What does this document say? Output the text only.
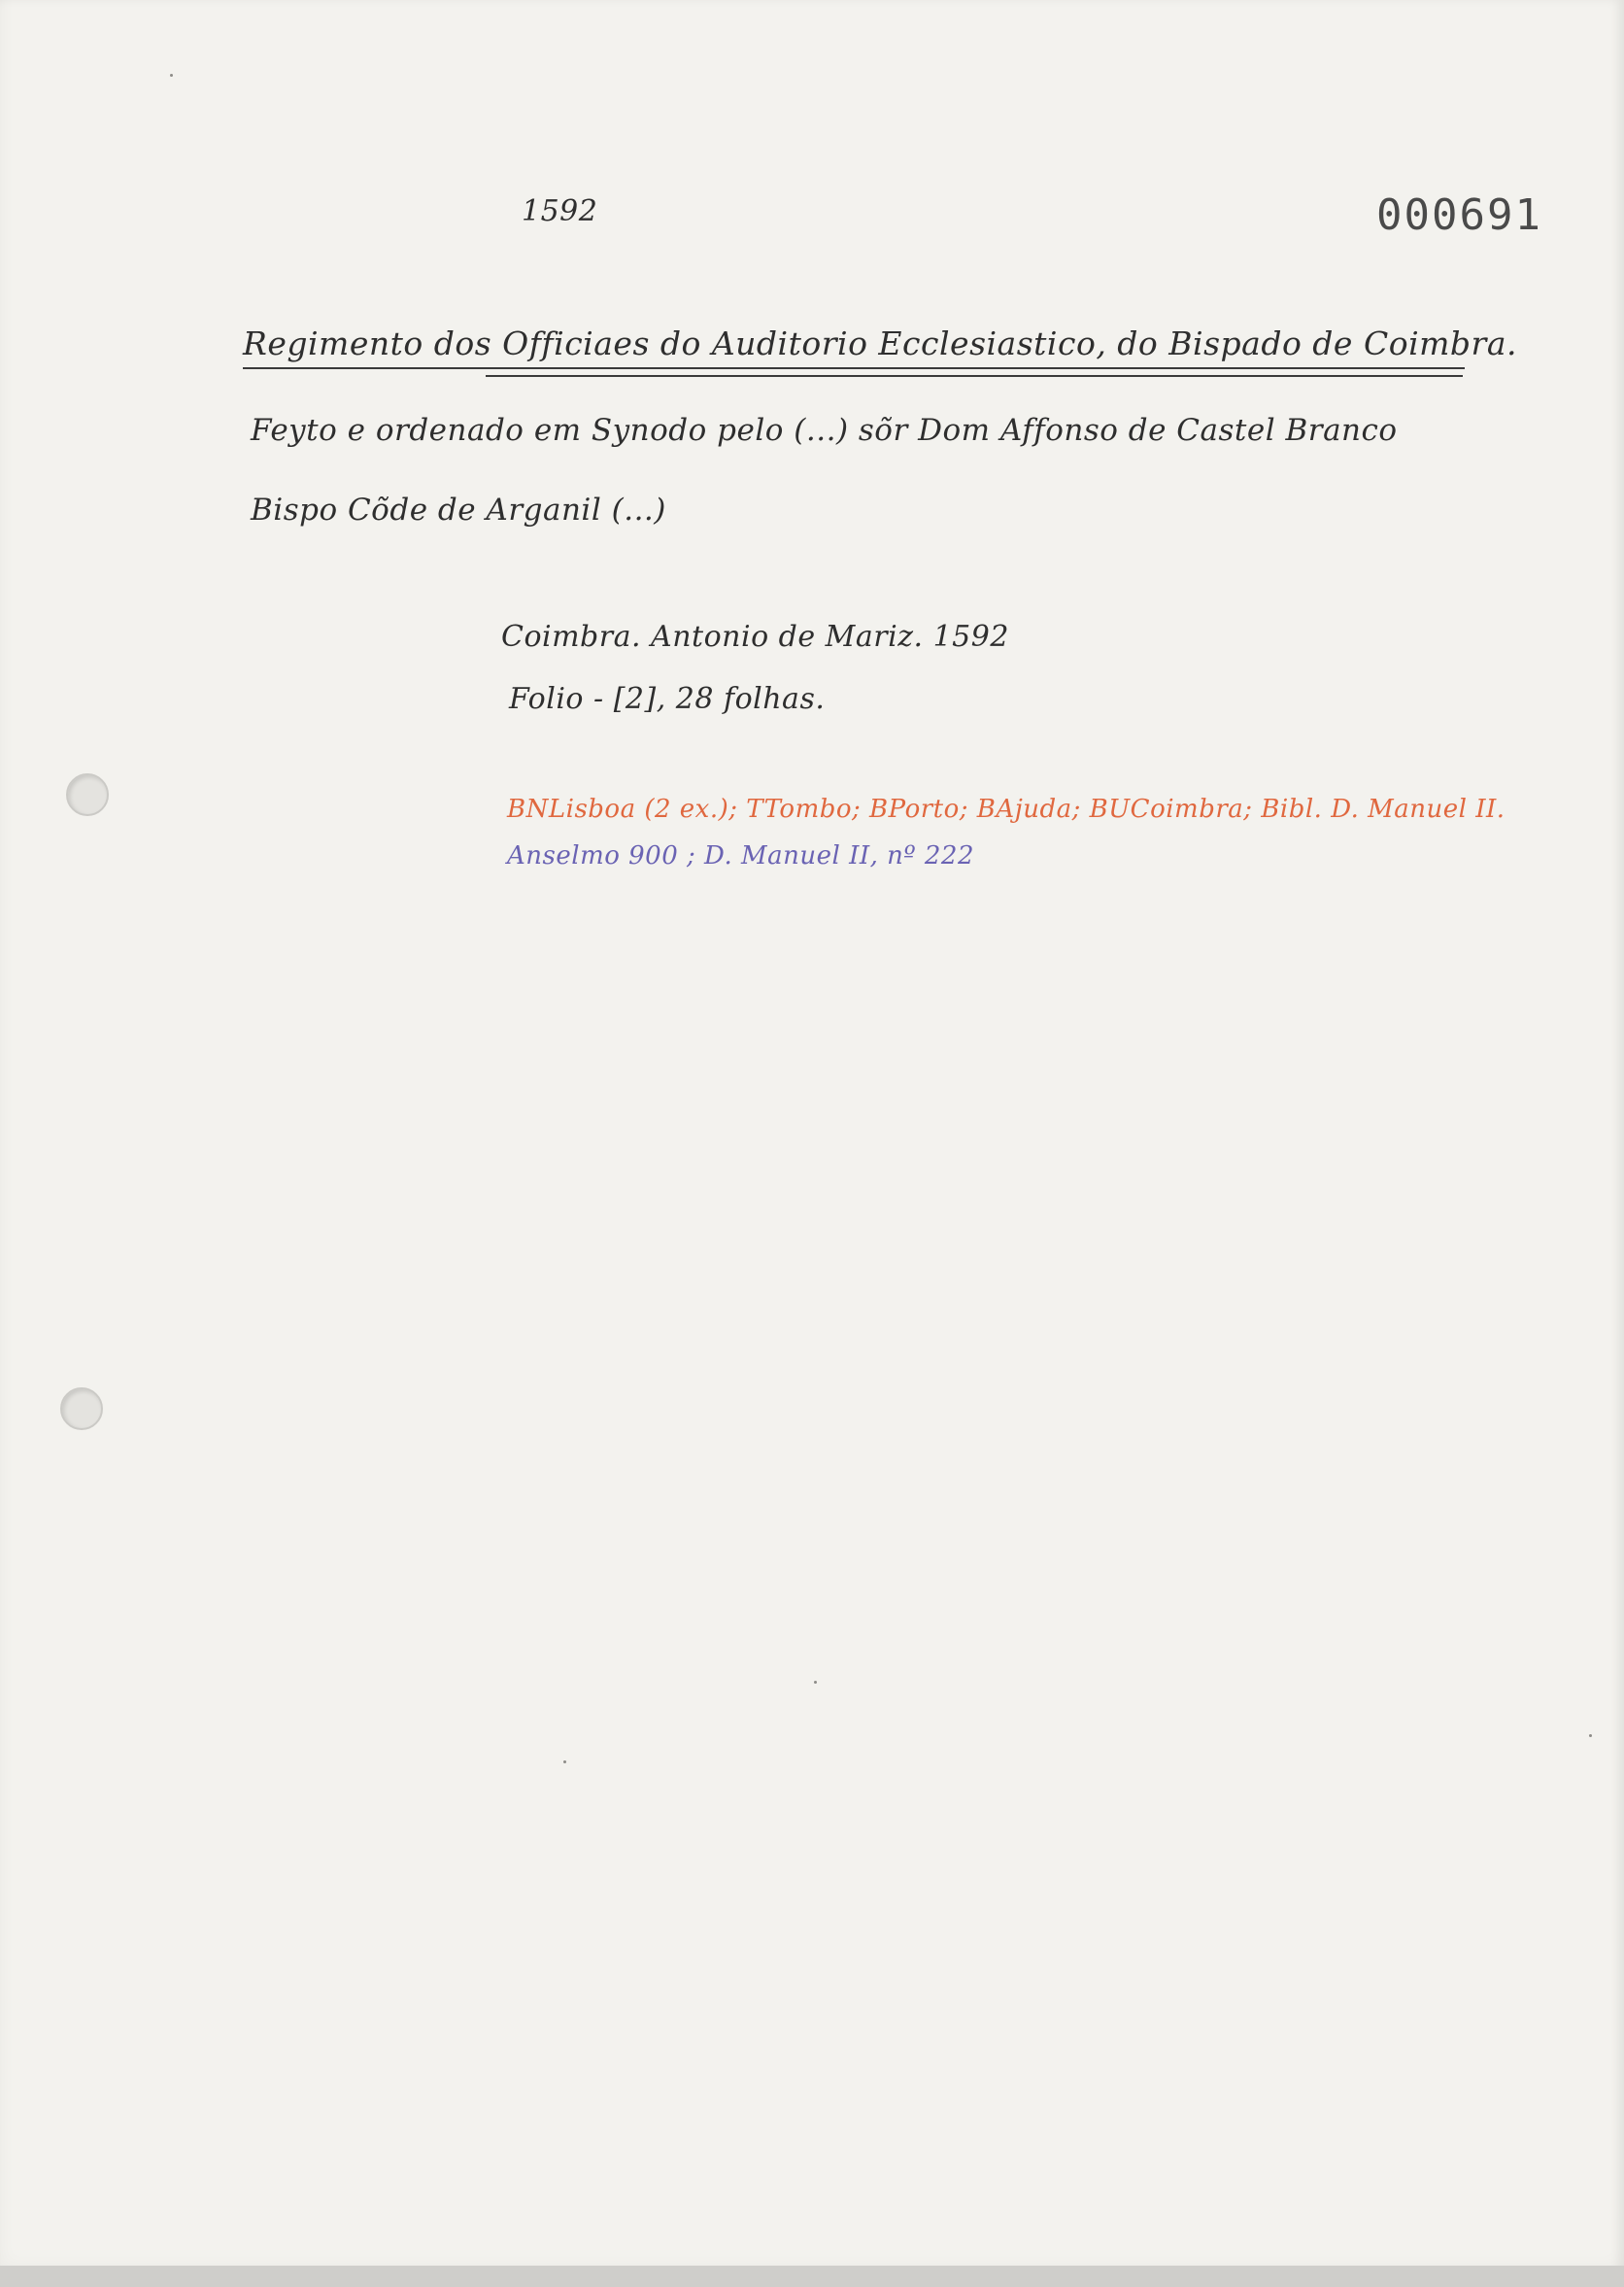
1592	000691
Regimento dos Officiaes do Auditorio Ecclesiastico, do Bispado de Coimbra.
Feyto e ordenado em Synodo pelo (...) sõr Dom Affonso de Castel Branco
Bispo Cõde de Arganil (...)
Coimbra. Antonio de Mariz. 1592
Folio - [2], 28 folhas.
BNLisboa (2 ex.); TTombo; BPorto; BAjuda; BUCoimbra; Bibl. D. Manuel II.
Anselmo 900 ; D. Manuel II, nº 222
